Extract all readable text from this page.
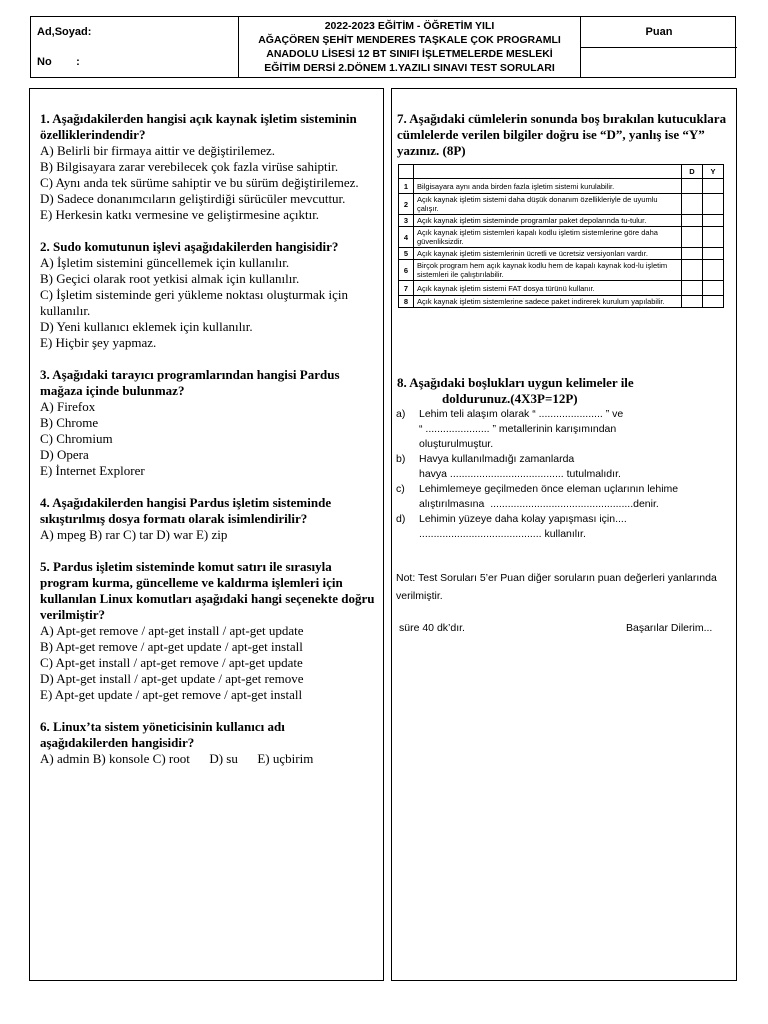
Ad,Soyad:
No        :
2022-2023 EĞİTİM - ÖĞRETİM YILI
AĞAÇÖREN ŞEHİT MENDERES TAŞKALE ÇOK PROGRAMLI
ANADOLU LİSESİ 12 BT SINIFI İŞLETMELERDE MESLEKİ
EĞİTİM DERSİ 2.DÖNEM 1.YAZILI SINAVI TEST SORULARI
Puan
1. Aşağıdakilerden hangisi açık kaynak işletim sisteminin özelliklerindendir?
A) Belirli bir firmaya aittir ve değiştirilemez.
B) Bilgisayara zarar verebilecek çok fazla virüse sahiptir.
C) Aynı anda tek sürüme sahiptir ve bu sürüm değiştirilemez.
D) Sadece donanımcıların geliştirdiği sürücüler mevcuttur.
E) Herkesin katkı vermesine ve geliştirmesine açıktır.
2. Sudo komutunun işlevi aşağıdakilerden hangisidir?
A) İşletim sistemini güncellemek için kullanılır.
B) Geçici olarak root yetkisi almak için kullanılır.
C) İşletim sisteminde geri yükleme noktası oluşturmak için kullanılır.
D) Yeni kullanıcı eklemek için kullanılır.
E) Hiçbir şey yapmaz.
3. Aşağıdaki tarayıcı programlarından hangisi Pardus mağaza içinde bulunmaz?
A) Firefox
B) Chrome
C) Chromium
D) Opera
E) İnternet Explorer
4. Aşağıdakilerden hangisi Pardus işletim sisteminde sıkıştırılmış dosya formatı olarak isimlendirilir?
A) mpeg B) rar C) tar D) war E) zip
5. Pardus işletim sisteminde komut satırı ile sırasıyla program kurma, güncelleme ve kaldırma işlemleri için kullanılan Linux komutları aşağıdaki hangi seçenekte doğru verilmiştir?
A) Apt-get remove / apt-get install / apt-get update
B) Apt-get remove / apt-get update / apt-get install
C) Apt-get install / apt-get remove / apt-get update
D) Apt-get install / apt-get update / apt-get remove
E) Apt-get update / apt-get remove / apt-get install
6. Linux’ta sistem yöneticisinin kullanıcı adı aşağıdakilerden hangisidir?
A) admin B) konsole C) root      D) su      E) uçbirim
7. Aşağıdaki cümlelerin sonunda boş bırakılan kutucuklara cümlelerde verilen bilgiler doğru ise “D”, yanlış ise “Y” yazınız. (8P)
		D	Y
1	Bilgisayara aynı anda birden fazla işletim sistemi kurulabilir.		
2	Açık kaynak işletim sistemi daha düşük donanım özellikleriyle de uyumlu çalışır.		
3	Açık kaynak işletim sisteminde programlar paket depolarında tu-tulur.		
4	Açık kaynak işletim sistemleri kapalı kodlu işletim sistemlerine göre daha güvenliksizdir.		
5	Açık kaynak işletim sistemlerinin ücretli ve ücretsiz versiyonları vardır.		
6	Birçok program hem açık kaynak kodlu hem de kapalı kaynak kod-lu işletim sistemleri ile çalıştırılabilir.		
7	Açık kaynak işletim sistemi FAT dosya türünü kullanır.		
8	Açık kaynak işletim sistemlerine sadece paket indirerek kurulum yapılabilir.		
8. Aşağıdaki boşlukları uygun kelimeler ile
doldurunuz.(4X3P=12P)
a) Lehim teli alaşım olarak “ ...................... ” ve
“ ...................... ” metallerinin karışımından
oluşturulmuştur.
b) Havya kullanılmadığı zamanlarda
havya ....................................... tutulmalıdır.
c) Lehimlemeye geçilmeden önce eleman uçlarının lehime
alıştırılmasına  .................................................denir.
d) Lehimin yüzeye daha kolay yapışması için....
.......................................... kullanılır.
Not: Test Soruları 5’er Puan diğer soruların puan değerleri yanlarında verilmiştir.
süre 40 dk’dır.	Başarılar Dilerim...
